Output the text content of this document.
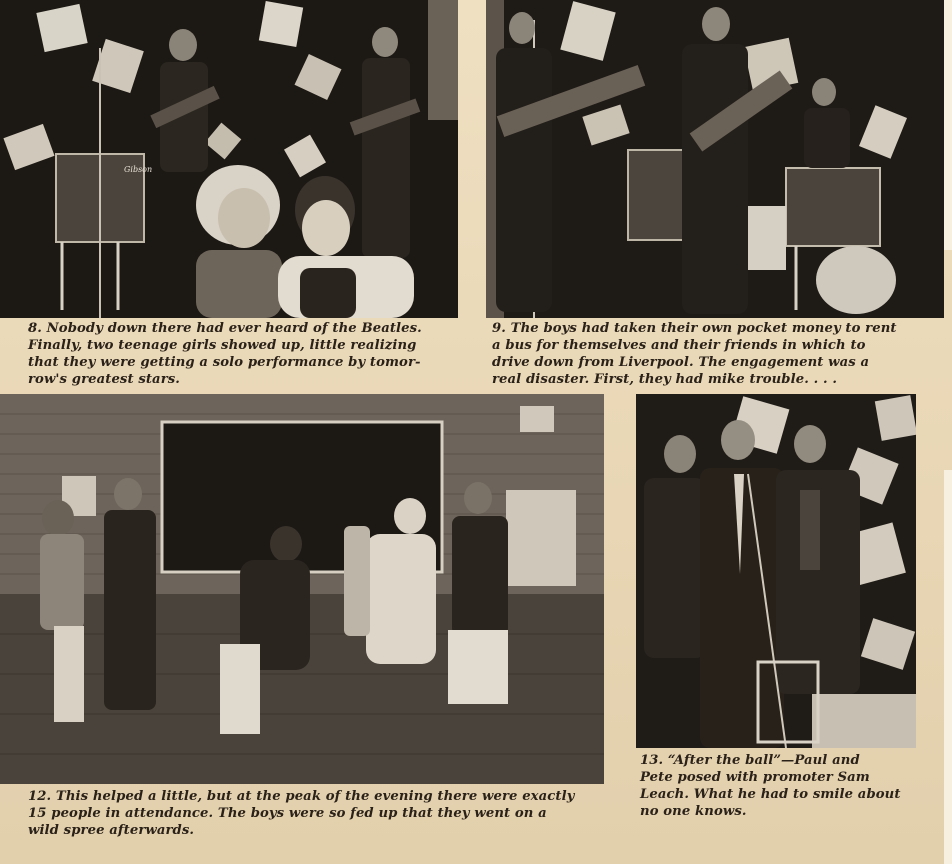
Gibson
8. Nobody down there had ever heard of the Beatles.
Finally, two teenage girls showed up, little realizing
that they were getting a solo performance by tomor-
row's greatest stars.
9. The boys had taken their own pocket money to rent
a bus for themselves and their friends in which to
drive down from Liverpool. The engagement was a
real disaster. First, they had mike trouble. . . .
12. This helped a little, but at the peak of the evening there were exactly
15 people in attendance. The boys were so fed up that they went on a
wild spree afterwards.
13. “After the ball”—Paul and
Pete posed with promoter Sam
Leach. What he had to smile about
no one knows.
